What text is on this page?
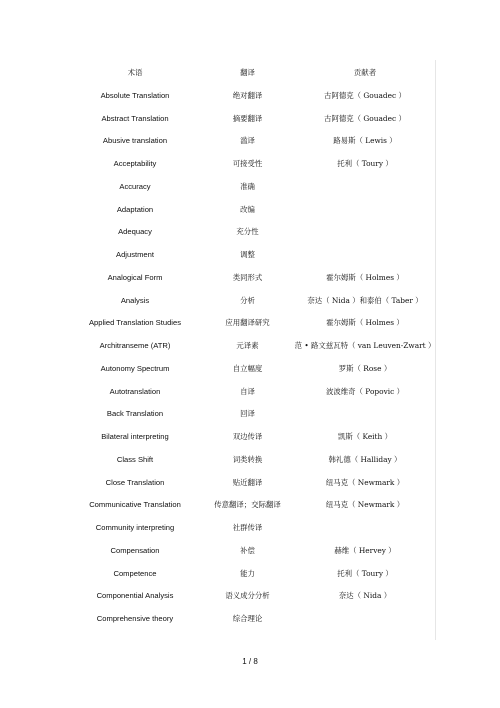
术语	翻译	贡献者
Absolute Translation	绝对翻译	古阿德克（ Gouadec ）
Abstract Translation	摘要翻译	古阿德克（ Gouadec ）
Abusive translation	滥译	路易斯（ Lewis ）
Acceptability	可接受性	托利（ Toury ）
Accuracy	准确
Adaptation	改编
Adequacy	充分性
Adjustment	调整
Analogical Form	类同形式	霍尔姆斯（ Holmes ）
Analysis	分析	奈达（ Nida ）和泰伯（ Taber ）
Applied Translation Studies	应用翻译研究	霍尔姆斯（ Holmes ）
Architranseme (ATR)	元译素	范 • 路文兹瓦特（ van Leuven-Zwart ）
Autonomy Spectrum	自立幅度	罗斯（ Rose ）
Autotranslation	自译	波波维奇（ Popovic ）
Back Translation	回译
Bilateral interpreting	双边传译	凯斯（ Keith ）
Class Shift	词类转换	韩礼德（ Halliday ）
Close Translation	贴近翻译	纽马克（ Newmark ）
Communicative Translation	传意翻译；交际翻译	纽马克（ Newmark ）
Community interpreting	社群传译
Compensation	补偿	赫维（ Hervey ）
Competence	能力	托利（ Toury ）
Componential Analysis	语义成分分析	奈达（ Nida ）
Comprehensive theory	综合理论
1 / 8
